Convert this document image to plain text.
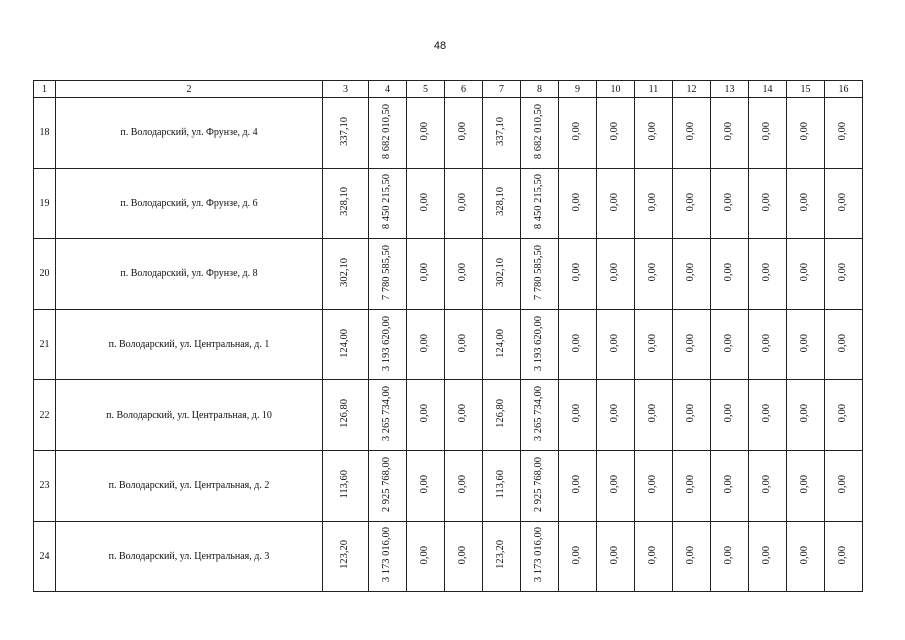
48
1	2	3	4	5	6	7	8	9	10	11	12	13	14	15	16
18	п. Володарский, ул. Фрунзе, д. 4	337,10	8 682 010,50	0,00	0,00	337,10	8 682 010,50	0,00	0,00	0,00	0,00	0,00	0,00	0,00	0,00
19	п. Володарский, ул. Фрунзе, д. 6	328,10	8 450 215,50	0,00	0,00	328,10	8 450 215,50	0,00	0,00	0,00	0,00	0,00	0,00	0,00	0,00
20	п. Володарский, ул. Фрунзе, д. 8	302,10	7 780 585,50	0,00	0,00	302,10	7 780 585,50	0,00	0,00	0,00	0,00	0,00	0,00	0,00	0,00
21	п. Володарский, ул. Центральная, д. 1	124,00	3 193 620,00	0,00	0,00	124,00	3 193 620,00	0,00	0,00	0,00	0,00	0,00	0,00	0,00	0,00
22	п. Володарский, ул. Центральная, д. 10	126,80	3 265 734,00	0,00	0,00	126,80	3 265 734,00	0,00	0,00	0,00	0,00	0,00	0,00	0,00	0,00
23	п. Володарский, ул. Центральная, д. 2	113,60	2 925 768,00	0,00	0,00	113,60	2 925 768,00	0,00	0,00	0,00	0,00	0,00	0,00	0,00	0,00
24	п. Володарский, ул. Центральная, д. 3	123,20	3 173 016,00	0,00	0,00	123,20	3 173 016,00	0,00	0,00	0,00	0,00	0,00	0,00	0,00	0,00
